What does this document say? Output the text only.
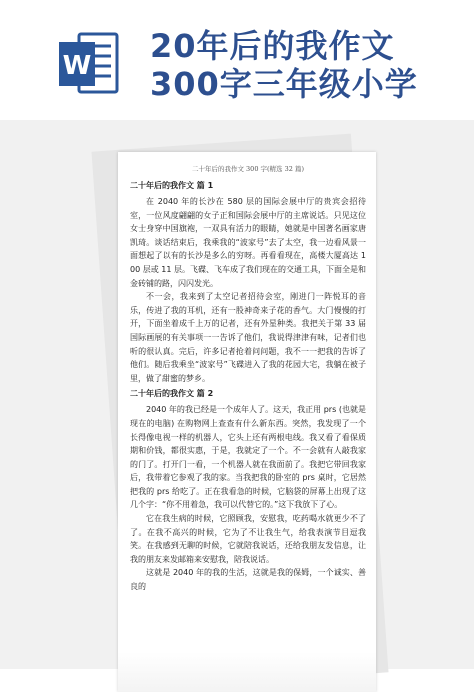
W
20年后的我作文
300字三年级小学
二十年后的我作文 300 字(精选 32 篇)
二十年后的我作文 篇 1

在 2040 年的长沙在 580 层的国际会展中厅的贵宾会招待室，一位风度翩翩的女子正和国际会展中厅的主席说话。只见这位女士身穿中国旗袍，一双具有活力的眼睛，她就是中国著名画家唐凯琦。谈话结束后，我乘我的“波家号”去了太空，我一边看风景一面想起了以有的长沙是多么的穷呀。再看看现在，高楼大厦高达 100 层或 11 层。飞碟、飞车成了我们现在的交通工具，下面全是和金砖铺的路，闪闪发光。

不一会，我来到了太空记者招待会室，刚进门一阵悦耳的音乐，传进了我的耳机，还有一股神奇来子花的香气。大门慢慢的打开，下面坐着成千上万的记者，还有外星种类。我把关于第 33 届国际画展的有关事项一一告诉了他们，我说得津津有味，记者们也听的很认真。完后，许多记者抢着问问题，我不一一把我的告诉了他们。随后我乘坐“波家号”飞碟进入了我的花园大宅，我躺在被子里，做了甜蜜的梦乡。

二十年后的我作文 篇 2

2040 年的我已经是一个成年人了。这天，我正用 prs (也就是现在的电脑) 在购物网上查查有什么新东西。突然，我发现了一个长得像电视一样的机器人，它头上还有两根电线。我又看了看保质期和价钱，都很实惠，于是，我就定了一个。不一会就有人敲我家的门了。打开门一看，一个机器人就在我面前了。我把它带回我家后，我带着它参观了我的家。当我把我的卧室的 prs 桌时，它居然把我的 prs 给吃了。正在我看急的时候，它脑袋的屏幕上出现了这几个字：“你不用着急，我可以代替它的。”这下我放下了心。

它在我生病的时候，它照顾我，安慰我，吃药喝水就更少不了了。在我不高兴的时候，它为了不让我生气，给我表演节目逗我笑。在我感到无聊的时候，它就陪我说话，还给我朋友发信息，让我的朋友来发邮箱来安慰我，陪我说话。

这就是 2040 年的我的生活，这就是我的保姆，一个诚实、善良的
